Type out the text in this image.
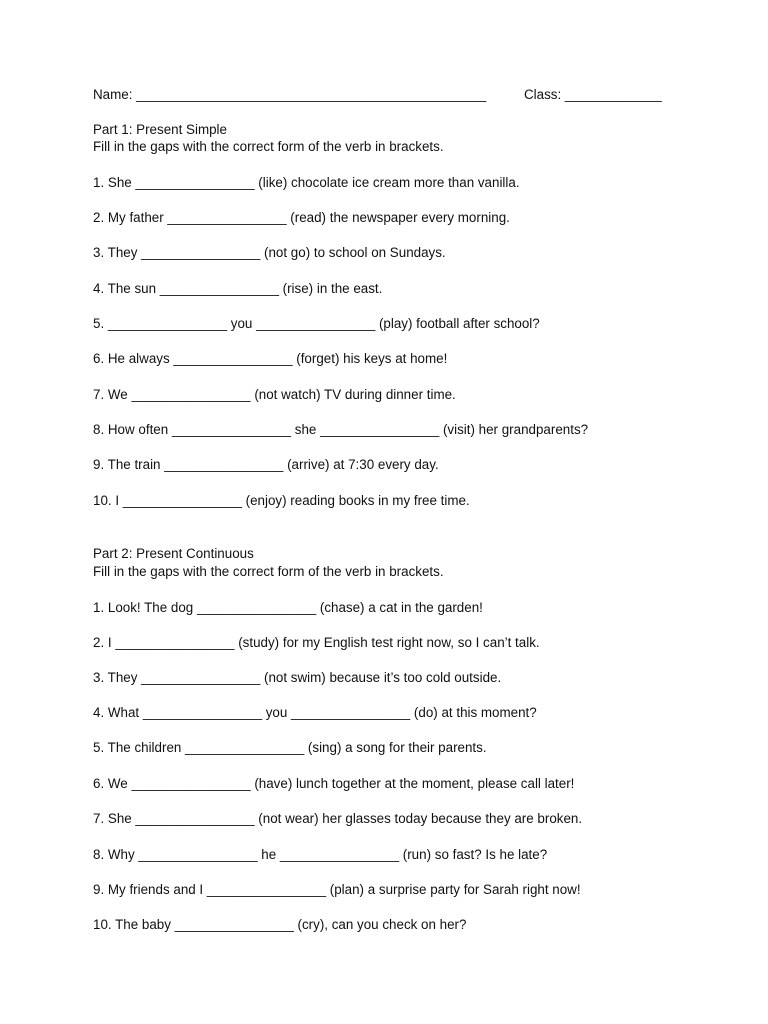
Name: _______________________________________________

	Class: _____________

Part 1: Present Simple
Fill in the gaps with the correct form of the verb in brackets.
1. She ________________ (like) chocolate ice cream more than vanilla.
2. My father ________________ (read) the newspaper every morning.
3. They ________________ (not go) to school on Sundays.
4. The sun ________________ (rise) in the east.
5. ________________ you ________________ (play) football after school?
6. He always ________________ (forget) his keys at home!
7. We ________________ (not watch) TV during dinner time.
8. How often ________________ she ________________ (visit) her grandparents?
9. The train ________________ (arrive) at 7:30 every day.
10. I ________________ (enjoy) reading books in my free time.
Part 2: Present Continuous
Fill in the gaps with the correct form of the verb in brackets.
1. Look! The dog ________________ (chase) a cat in the garden!
2. I ________________ (study) for my English test right now, so I can’t talk.
3. They ________________ (not swim) because it’s too cold outside.
4. What ________________ you ________________ (do) at this moment?
5. The children ________________ (sing) a song for their parents.
6. We ________________ (have) lunch together at the moment, please call later!
7. She ________________ (not wear) her glasses today because they are broken.
8. Why ________________ he ________________ (run) so fast? Is he late?
9. My friends and I ________________ (plan) a surprise party for Sarah right now!
10. The baby ________________ (cry), can you check on her?
